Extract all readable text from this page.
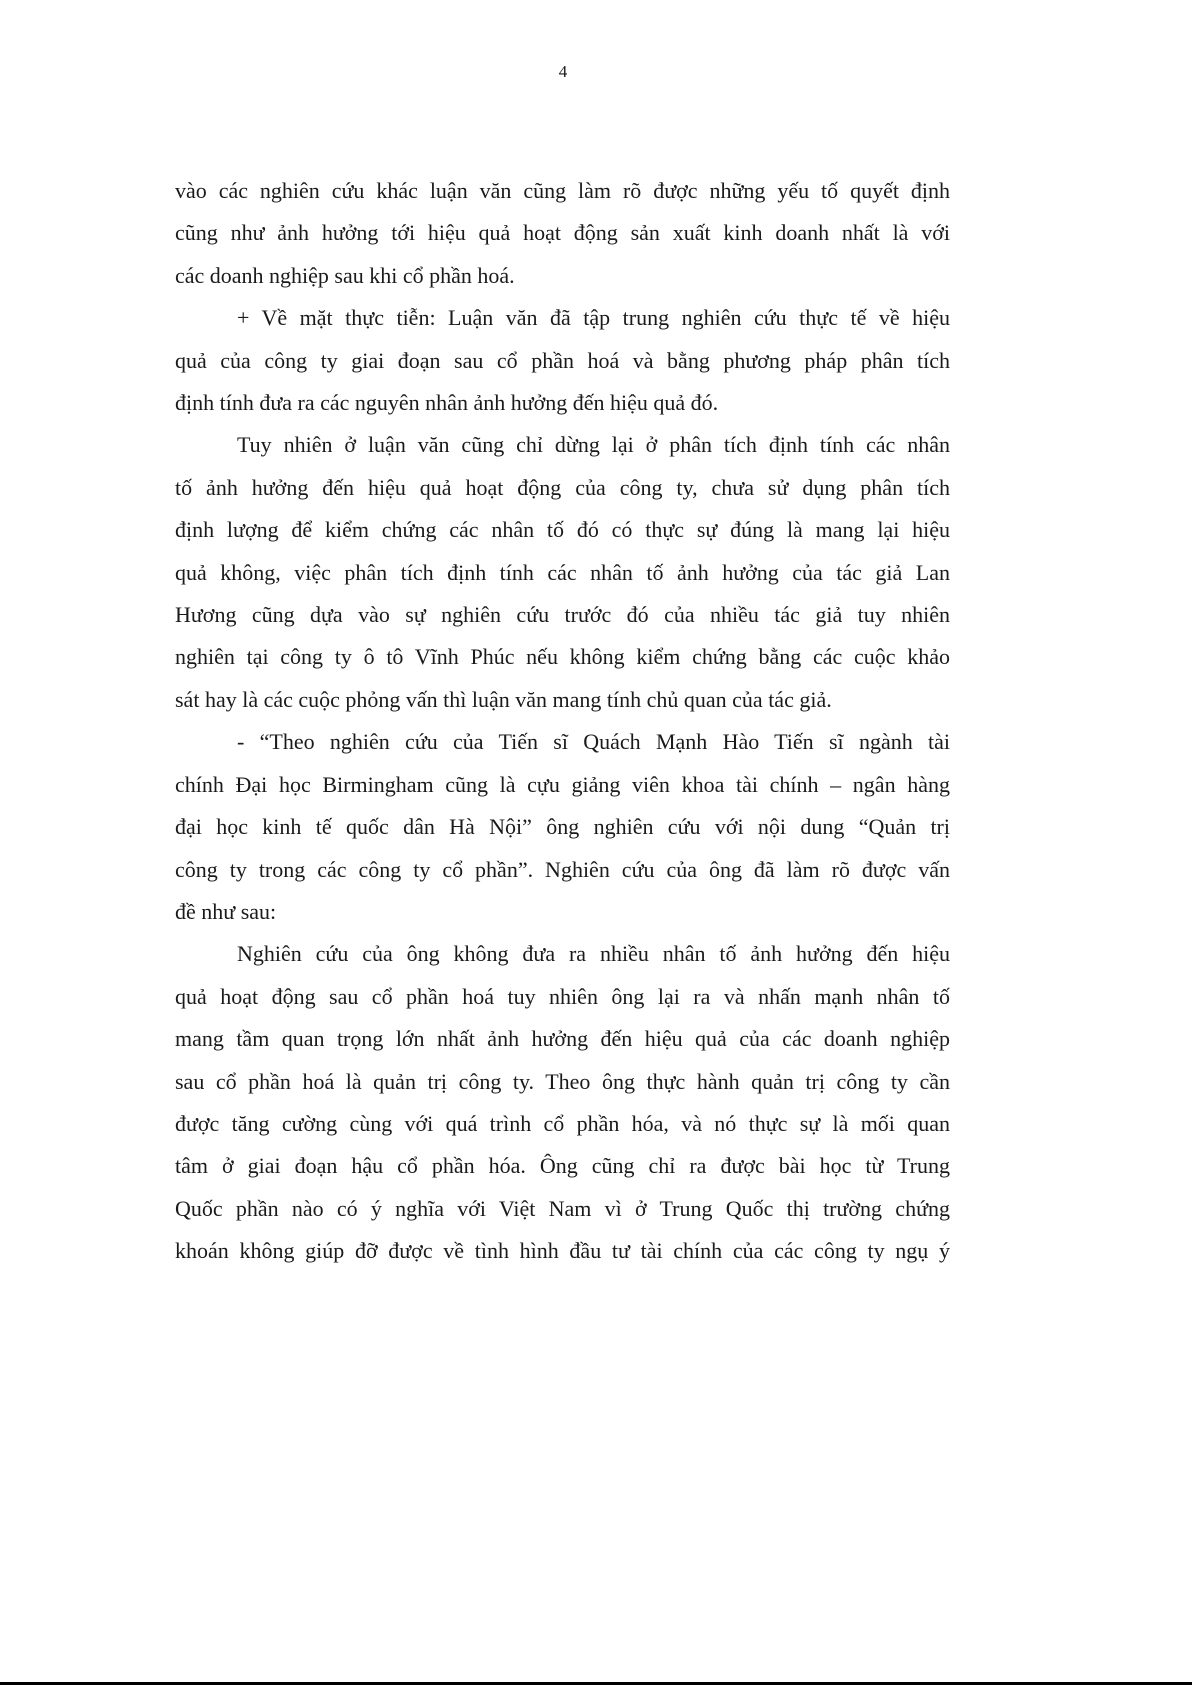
4
vào các nghiên cứu khác luận văn cũng làm rõ được những yếu tố quyết định
cũng như ảnh hưởng tới hiệu quả hoạt động sản xuất kinh doanh nhất là với
các doanh nghiệp sau khi cổ phần hoá.
+ Về mặt thực tiễn: Luận văn đã tập trung nghiên cứu thực tế về hiệu
quả của công ty giai đoạn sau cổ phần hoá và bằng phương pháp phân tích
định tính đưa ra các nguyên nhân ảnh hưởng đến hiệu quả đó.
Tuy nhiên ở luận văn cũng chỉ dừng lại ở phân tích định tính các nhân
tố ảnh hưởng đến hiệu quả hoạt động của công ty, chưa sử dụng phân tích
định lượng để kiểm chứng các nhân tố đó có thực sự đúng là mang lại hiệu
quả không, việc phân tích định tính các nhân tố ảnh hưởng của tác giả Lan
Hương cũng dựa vào sự nghiên cứu trước đó của nhiều tác giả tuy nhiên
nghiên tại công ty ô tô Vĩnh Phúc nếu không kiểm chứng bằng các cuộc khảo
sát hay là các cuộc phỏng vấn thì luận văn mang tính chủ quan của tác giả.
- “Theo nghiên cứu của Tiến sĩ Quách Mạnh Hào Tiến sĩ ngành tài
chính Đại học Birmingham cũng là cựu giảng viên khoa tài chính – ngân hàng
đại học kinh tế quốc dân Hà Nội” ông nghiên cứu với nội dung “Quản trị
công ty trong các công ty cổ phần”. Nghiên cứu của ông đã làm rõ được vấn
đề như sau:
Nghiên cứu của ông không đưa ra nhiều nhân tố ảnh hưởng đến hiệu
quả hoạt động sau cổ phần hoá tuy nhiên ông lại ra và nhấn mạnh nhân tố
mang tầm quan trọng lớn nhất ảnh hưởng đến hiệu quả của các doanh nghiệp
sau cổ phần hoá là quản trị công ty. Theo ông thực hành quản trị công ty cần
được tăng cường cùng với quá trình cổ phần hóa, và nó thực sự là mối quan
tâm ở giai đoạn hậu cổ phần hóa. Ông cũng chỉ ra được bài học từ Trung
Quốc phần nào có ý nghĩa với Việt Nam vì ở Trung Quốc thị trường chứng
khoán không giúp đỡ được về tình hình đầu tư tài chính của các công ty ngụ ý
